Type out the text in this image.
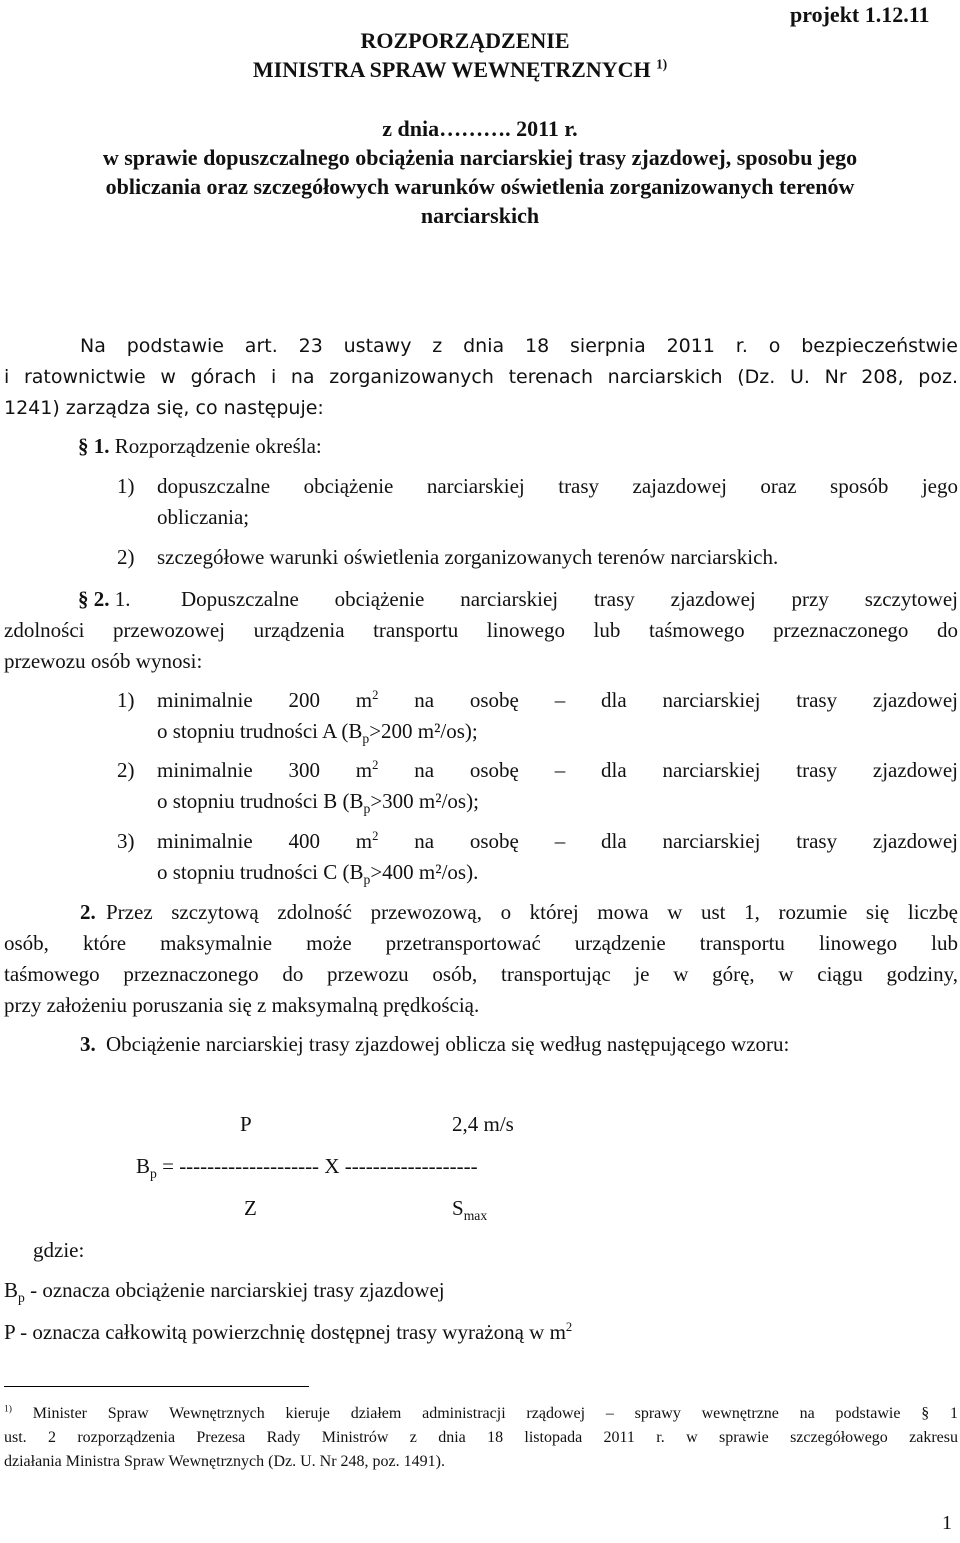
projekt 1.12.11
ROZPORZĄDZENIE
MINISTRA SPRAW WEWNĘTRZNYCH $^{1)}$
z dnia………. 2011 r.
w sprawie dopuszczalnego obciążenia narciarskiej trasy zjazdowej, sposobu jego
obliczania oraz szczegółowych warunków oświetlenia zorganizowanych terenów
narciarskich
Na podstawie art. 23 ustawy z dnia 18 sierpnia 2011 r. o bezpieczeństwie
i ratownictwie w górach i na zorganizowanych terenach narciarskich (Dz. U. Nr 208, poz.
1241) zarządza się, co następuje:
§ 1. Rozporządzenie określa:
1) dopuszczalne obciążenie narciarskiej trasy zajazdowej oraz sposób jego
obliczania;
2) szczegółowe warunki oświetlenia zorganizowanych terenów narciarskich.
§ 2. 1. Dopuszczalne obciążenie narciarskiej trasy zjazdowej przy szczytowej
zdolności przewozowej urządzenia transportu linowego lub taśmowego przeznaczonego do
przewozu osób wynosi:
1) minimalnie 200 $m^2$ na osobę – dla narciarskiej trasy zjazdowej
o stopniu trudności A ($B_p>200$ m²/os);
2) minimalnie 300 $m^2$ na osobę – dla narciarskiej trasy zjazdowej
o stopniu trudności B ($B_p>300$ m²/os);
3) minimalnie 400 $m^2$ na osobę – dla narciarskiej trasy zjazdowej
o stopniu trudności C ($B_p>400$ m²/os).
2. Przez szczytową zdolność przewozową, o której mowa w ust 1, rozumie się liczbę
osób, które maksymalnie może przetransportować urządzenie transportu linowego lub
taśmowego przeznaczonego do przewozu osób, transportując je w górę, w ciągu godziny,
przy założeniu poruszania się z maksymalną prędkością.
3. Obciążenie narciarskiej trasy zjazdowej oblicza się według następującego wzoru:
P	2,4 m/s
$B_p$ = -------------------- X -------------------
Z	$S_{max}$
gdzie:
$B_p$ - oznacza obciążenie narciarskiej trasy zjazdowej
P - oznacza całkowitą powierzchnię dostępnej trasy wyrażoną w $m^2$
$^{1)}$ Minister Spraw Wewnętrznych kieruje działem administracji rządowej – sprawy wewnętrzne na podstawie § 1
ust. 2 rozporządzenia Prezesa Rady Ministrów z dnia 18 listopada 2011 r. w sprawie szczegółowego zakresu
działania Ministra Spraw Wewnętrznych (Dz. U. Nr 248, poz. 1491).
1
